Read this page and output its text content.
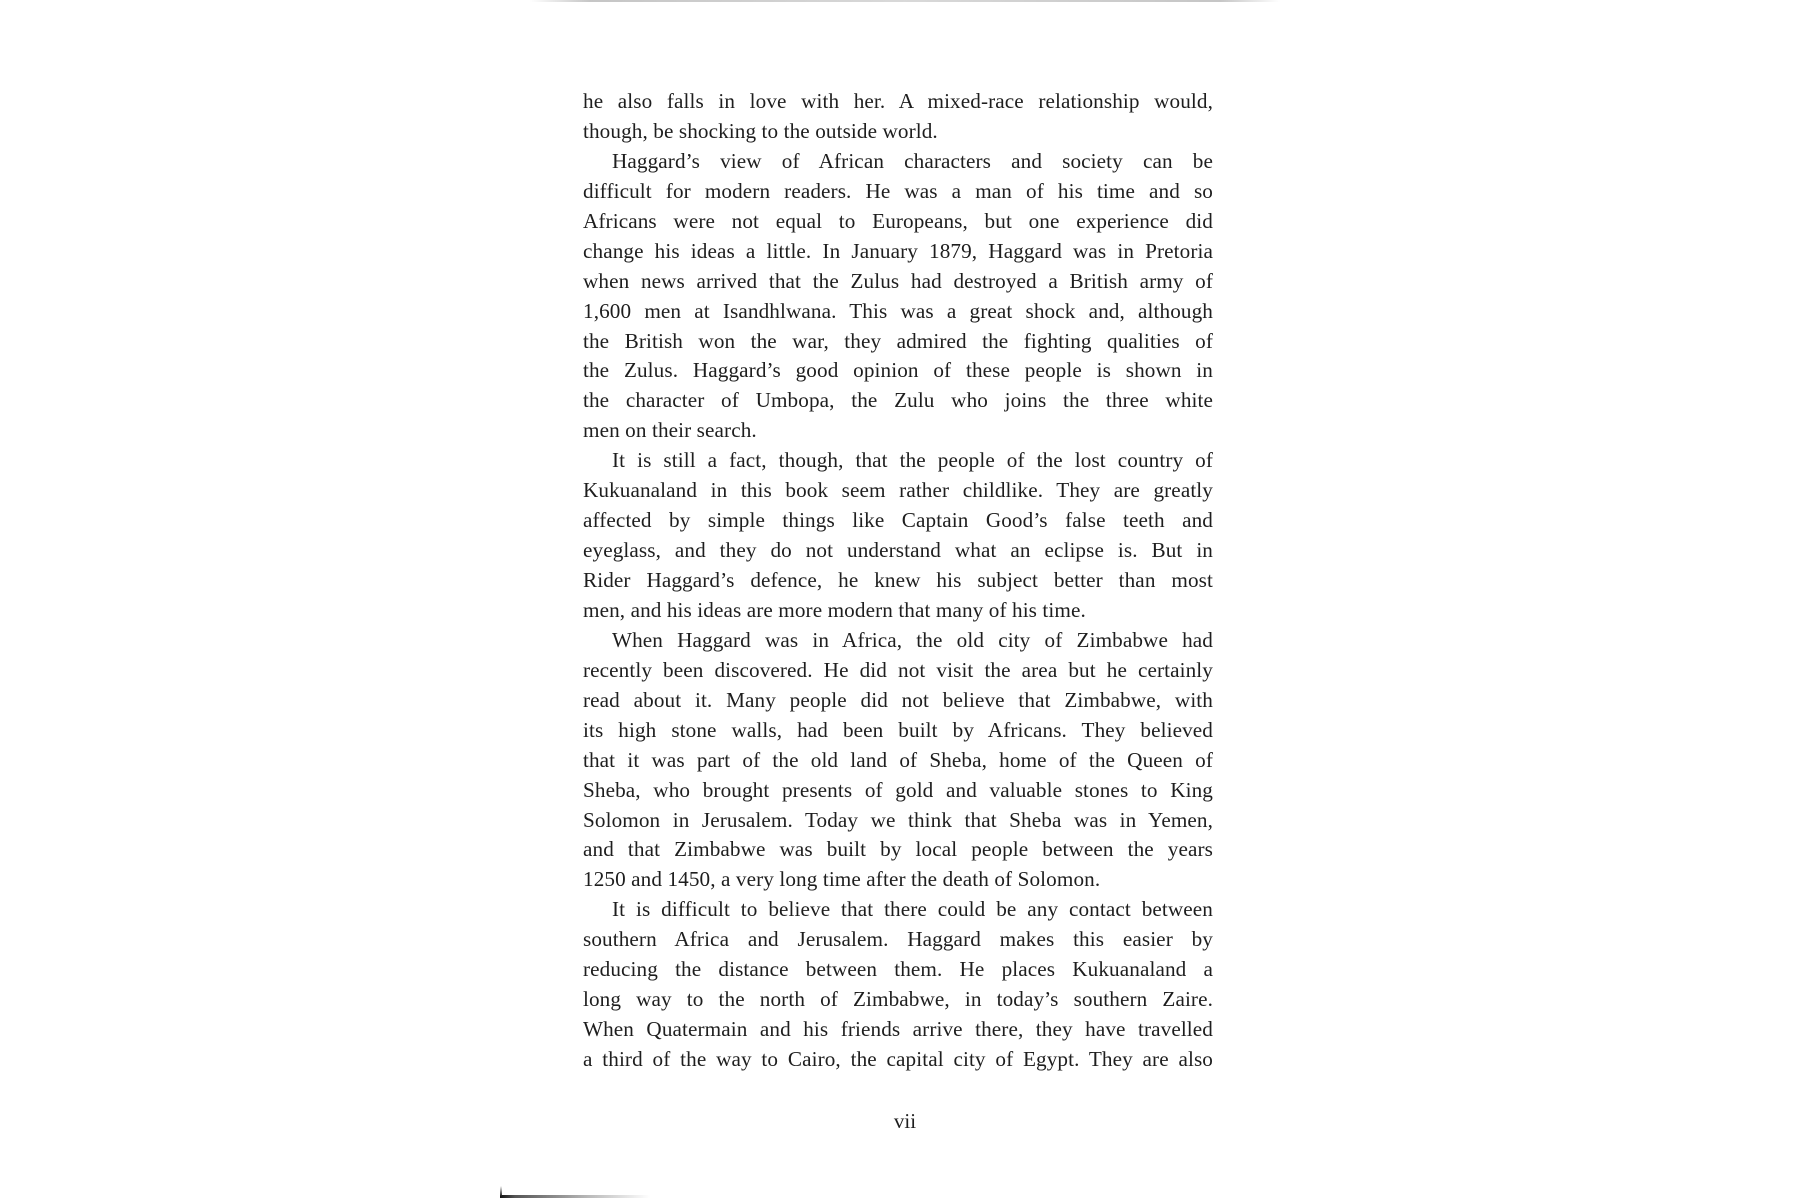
he also falls in love with her. A mixed-race relationship would,
though, be shocking to the outside world.
Haggard’s view of African characters and society can be
difficult for modern readers. He was a man of his time and so
Africans were not equal to Europeans, but one experience did
change his ideas a little. In January 1879, Haggard was in Pretoria
when news arrived that the Zulus had destroyed a British army of
1,600 men at Isandhlwana. This was a great shock and, although
the British won the war, they admired the fighting qualities of
the Zulus. Haggard’s good opinion of these people is shown in
the character of Umbopa, the Zulu who joins the three white
men on their search.
It is still a fact, though, that the people of the lost country of
Kukuanaland in this book seem rather childlike. They are greatly
affected by simple things like Captain Good’s false teeth and
eyeglass, and they do not understand what an eclipse is. But in
Rider Haggard’s defence, he knew his subject better than most
men, and his ideas are more modern that many of his time.
When Haggard was in Africa, the old city of Zimbabwe had
recently been discovered. He did not visit the area but he certainly
read about it. Many people did not believe that Zimbabwe, with
its high stone walls, had been built by Africans. They believed
that it was part of the old land of Sheba, home of the Queen of
Sheba, who brought presents of gold and valuable stones to King
Solomon in Jerusalem. Today we think that Sheba was in Yemen,
and that Zimbabwe was built by local people between the years
1250 and 1450, a very long time after the death of Solomon.
It is difficult to believe that there could be any contact between
southern Africa and Jerusalem. Haggard makes this easier by
reducing the distance between them. He places Kukuanaland a
long way to the north of Zimbabwe, in today’s southern Zaire.
When Quatermain and his friends arrive there, they have travelled
a third of the way to Cairo, the capital city of Egypt. They are also
vii
